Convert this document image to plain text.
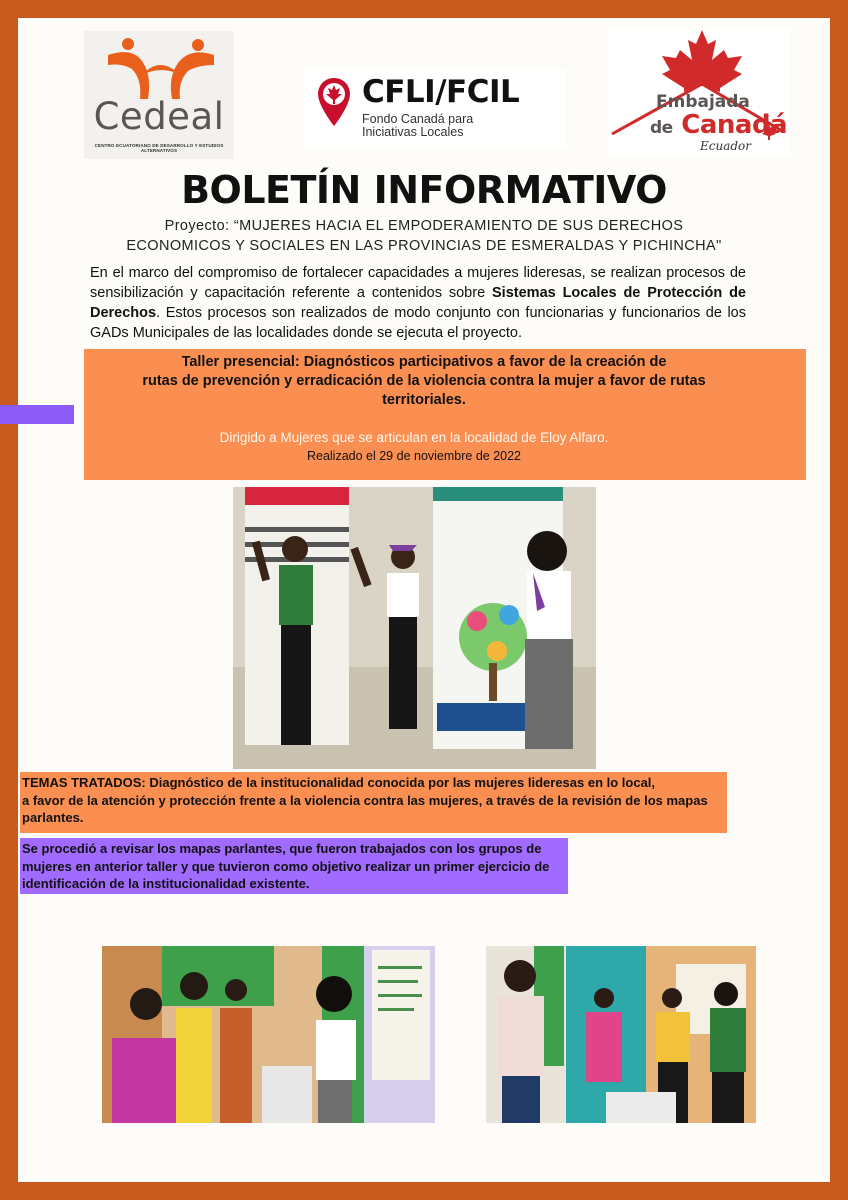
Cedeal
CENTRO ECUATORIANO DE DESARROLLO Y ESTUDIOS ALTERNATIVOS
CFLI/FCIL
Fondo Canadá para
Iniciativas Locales
Embajada
de Canadá
Ecuador
BOLETÍN INFORMATIVO
Proyecto: “MUJERES HACIA EL EMPODERAMIENTO DE SUS DERECHOS
ECONOMICOS Y SOCIALES EN LAS PROVINCIAS DE ESMERALDAS Y PICHINCHA"
En el marco del compromiso de fortalecer capacidades a mujeres lideresas, se realizan procesos de sensibilización y capacitación referente a contenidos sobre Sistemas Locales de Protección de Derechos. Estos procesos son realizados de modo conjunto con funcionarias y funcionarios de los GADs Municipales de las localidades donde se ejecuta el proyecto.
Taller presencial: Diagnósticos participativos a favor de la creación de
rutas de prevención y erradicación de la violencia contra la mujer a favor de rutas
territoriales.
Dirigido a Mujeres que se articulan en la localidad de Eloy Alfaro.
Realizado el 29 de noviembre de 2022
TEMAS TRATADOS: Diagnóstico de la institucionalidad conocida por las mujeres lideresas en lo local,
a favor de la atención y protección frente a la violencia contra las mujeres, a través de la revisión de los mapas
parlantes.
Se procedió a revisar los mapas parlantes, que fueron trabajados con los grupos de
mujeres en anterior taller y que tuvieron como objetivo realizar un primer ejercicio de
identificación de la institucionalidad existente.
